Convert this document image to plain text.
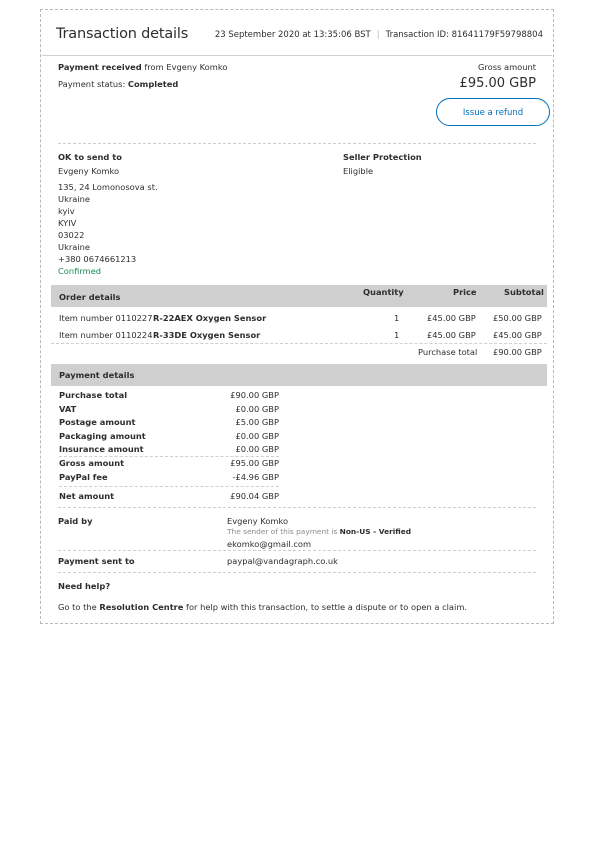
Transaction details	23 September 2020 at 13:35:06 BST | Transaction ID: 81641179F59798804
Payment received from Evgeny Komko
Payment status: Completed
Gross amount
£95.00 GBP
Issue a refund
OK to send to
Evgeny Komko
135, 24 Lomonosova st.
Ukraine
kyiv
KYIV
03022
Ukraine
+380 0674661213
Confirmed
Seller Protection
Eligible
Order details	Quantity	Price	Subtotal
Item number 0110227 R-22AEX Oxygen Sensor	1	£45.00 GBP £50.00 GBP
Item number 0110224 R-33DE Oxygen Sensor	1	£45.00 GBP £45.00 GBP
Purchase total £90.00 GBP
Payment details
Purchase total	£90.00 GBP
VAT	£0.00 GBP
Postage amount	£5.00 GBP
Packaging amount	£0.00 GBP
Insurance amount	£0.00 GBP
Gross amount	£95.00 GBP
PayPal fee	-£4.96 GBP
Net amount	£90.04 GBP
Paid by	Evgeny Komko
The sender of this payment is Non-US - Verified
ekomko@gmail.com
Payment sent to	paypal@vandagraph.co.uk
Need help?
Go to the Resolution Centre for help with this transaction, to settle a dispute or to open a claim.
